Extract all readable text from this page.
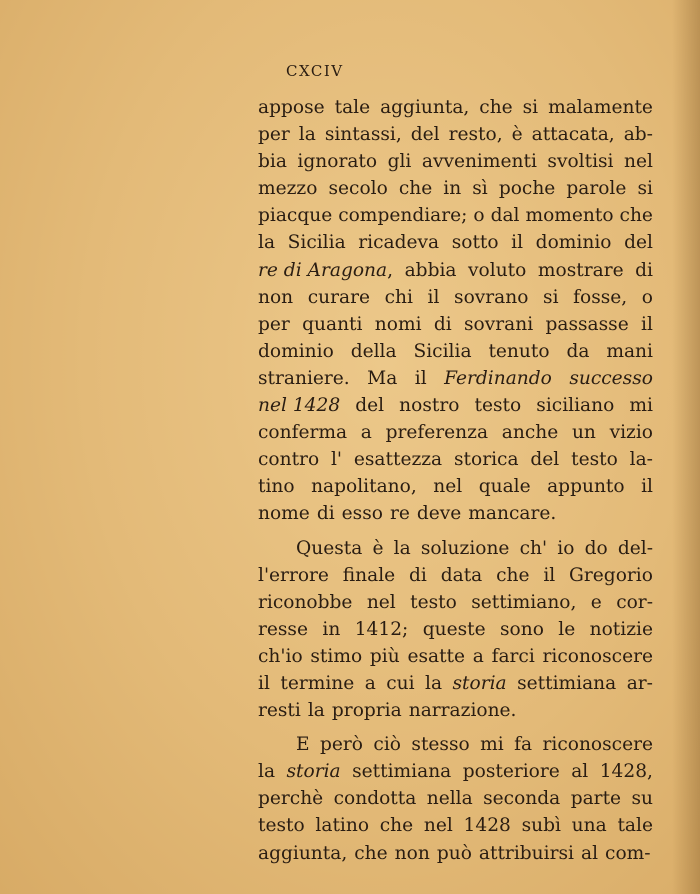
CXCIV
appose tale aggiunta, che si malamente
per la sintassi, del resto, è attacata, ab-
bia ignorato gli avvenimenti svoltisi nel
mezzo secolo che in sì poche parole si
piacque compendiare; o dal momento che
la Sicilia ricadeva sotto il dominio del
re di Aragona, abbia voluto mostrare di
non curare chi il sovrano si fosse, o
per quanti nomi di sovrani passasse il
dominio della Sicilia tenuto da mani
straniere. Ma il Ferdinando successo
nel 1428 del nostro testo siciliano mi
conferma a preferenza anche un vizio
contro l' esattezza storica del testo la-
tino napolitano, nel quale appunto il
nome di esso re deve mancare.
Questa è la soluzione ch' io do del-
l'errore finale di data che il Gregorio
riconobbe nel testo settimiano, e cor-
resse in 1412; queste sono le notizie
ch'io stimo più esatte a farci riconoscere
il termine a cui la storia settimiana ar-
resti la propria narrazione.
E però ciò stesso mi fa riconoscere
la storia settimiana posteriore al 1428,
perchè condotta nella seconda parte su
testo latino che nel 1428 subì una tale
aggiunta, che non può attribuirsi al com-
